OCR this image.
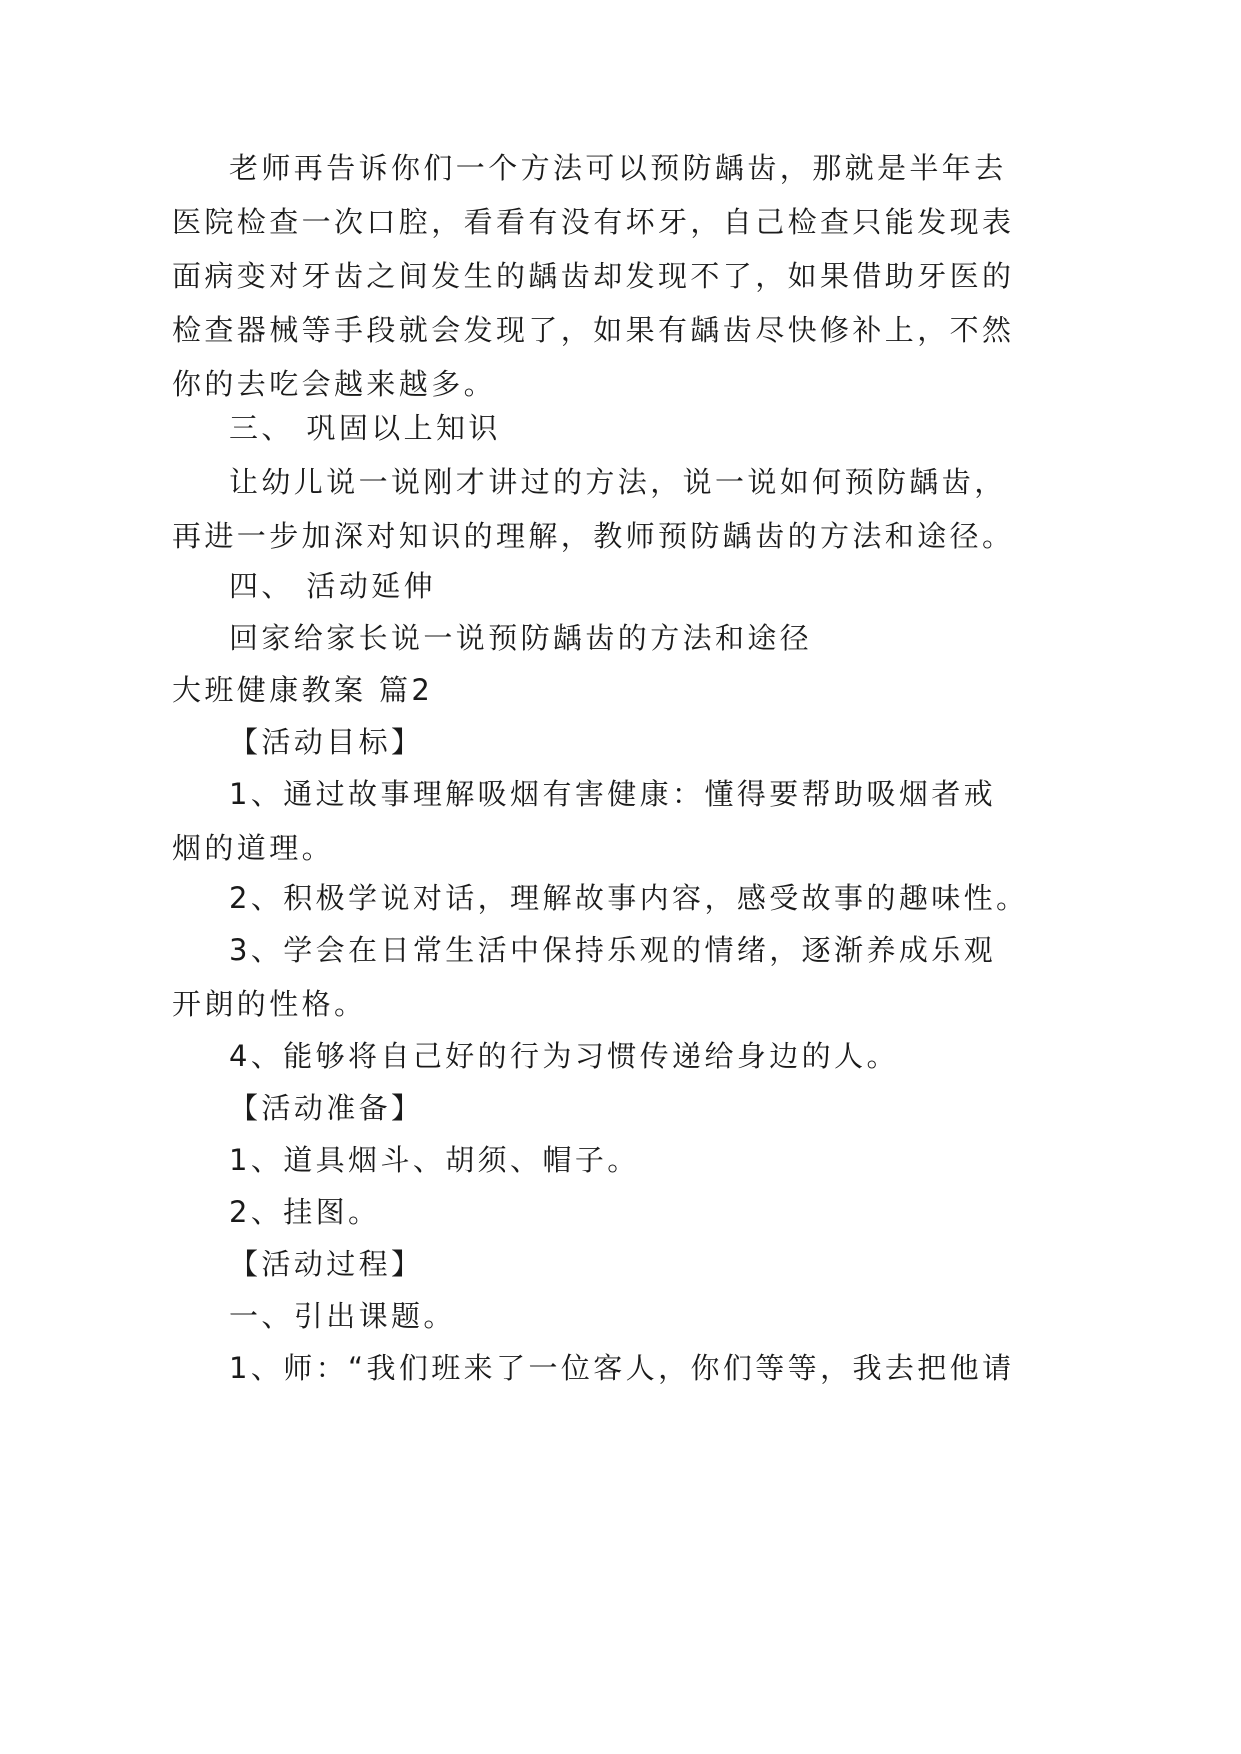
老师再告诉你们一个方法可以预防龋齿，那就是半年去

医院检查一次口腔，看看有没有坏牙，自己检查只能发现表

面病变对牙齿之间发生的龋齿却发现不了，如果借助牙医的

检查器械等手段就会发现了，如果有龋齿尽快修补上，不然

你的去吃会越来越多。

三、 巩固以上知识

让幼儿说一说刚才讲过的方法，说一说如何预防龋齿，

再进一步加深对知识的理解，教师预防龋齿的方法和途径。

四、 活动延伸

回家给家长说一说预防龋齿的方法和途径

大班健康教案 篇2

【活动目标】

1、通过故事理解吸烟有害健康：懂得要帮助吸烟者戒

烟的道理。

2、积极学说对话，理解故事内容，感受故事的趣味性。

3、学会在日常生活中保持乐观的情绪，逐渐养成乐观

开朗的性格。

4、能够将自己好的行为习惯传递给身边的人。

【活动准备】

1、道具烟斗、胡须、帽子。

2、挂图。

【活动过程】

一、引出课题。

1、师：“我们班来了一位客人，你们等等，我去把他请
